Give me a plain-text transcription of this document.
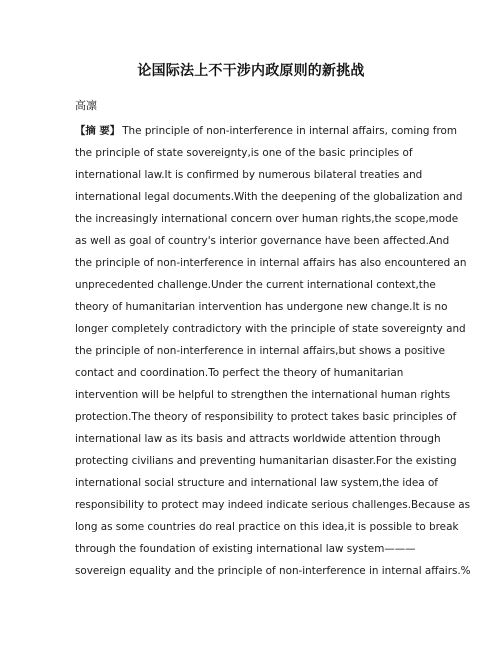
论国际法上不干涉内政原则的新挑战
高凛
【摘 要】 The principle of non-interference in internal affairs, coming from
the principle of state sovereignty,is one of the basic principles of
international law.It is confirmed by numerous bilateral treaties and
international legal documents.With the deepening of the globalization and
the increasingly international concern over human rights,the scope,mode
as well as goal of country's interior governance have been affected.And
the principle of non-interference in internal affairs has also encountered an
unprecedented challenge.Under the current international context,the
theory of humanitarian intervention has undergone new change.It is no
longer completely contradictory with the principle of state sovereignty and
the principle of non-interference in internal affairs,but shows a positive
contact and coordination.To perfect the theory of humanitarian
intervention will be helpful to strengthen the international human rights
protection.The theory of responsibility to protect takes basic principles of
international law as its basis and attracts worldwide attention through
protecting civilians and preventing humanitarian disaster.For the existing
international social structure and international law system,the idea of
responsibility to protect may indeed indicate serious challenges.Because as
long as some countries do real practice on this idea,it is possible to break
through the foundation of existing international law system———
sovereign equality and the principle of non-interference in internal affairs.%
